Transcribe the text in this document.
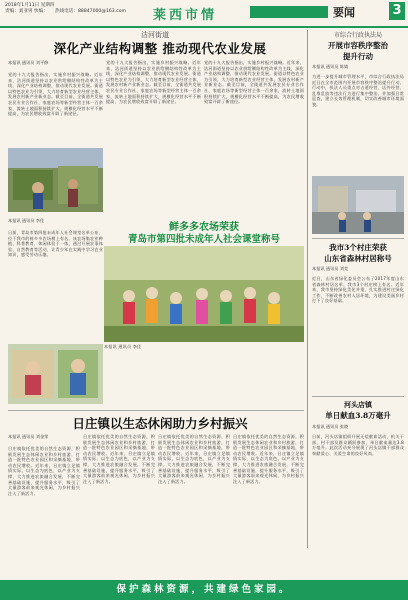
2018年1月11日 星期四
责编：刘亚男 快编： 热线电话：88847000@163.com	莱西市情	要闻	3
沽河街道
深化产业结构调整 推动现代农业发展
本报讯 通讯员 刘平修
党的十九大报告指出，实施乡村振兴战略。近年来，沽河街道坚持以农业供给侧结构性改革为主线，深化产业结构调整，推动现代农业发展。街道以特色农业为引领，大力培育新型农业经营主体，发展农村新产业新业态。截至目前，全街道共发展农民专业合作社、家庭农场等新型经营主体一百余家，流转土地面积持续扩大，规模化经营水平不断提高，为农民增收致富开辟了新途径。
党的十九大报告指出，实施乡村振兴战略。近年来，沽河街道坚持以农业供给侧结构性改革为主线，深化产业结构调整，推动现代农业发展。街道以特色农业为引领，大力培育新型农业经营主体，发展农村新产业新业态。截至目前，全街道共发展农民专业合作社、家庭农场等新型经营主体一百余家，流转土地面积持续扩大，规模化经营水平不断提高，为农民增收致富开辟了新途径。
党的十九大报告指出，实施乡村振兴战略。近年来，沽河街道坚持以农业供给侧结构性改革为主线，深化产业结构调整，推动现代农业发展。街道以特色农业为引领，大力培育新型农业经营主体，发展农村新产业新业态。截至目前，全街道共发展农民专业合作社、家庭农场等新型经营主体一百余家，流转土地面积持续扩大，规模化经营水平不断提高，为农民增收致富开辟了新途径。
鲜多多农场荣获
青岛市第四批未成年人社会课堂称号
本报讯 通讯员 李佳
日前，青岛市第四批未成年人社会课堂名单公布，位于我市的鲜多多农场榜上有名。该农场集农业种植、科普教育、休闲体验于一体，通过开展农事体验、自然教育等活动，让青少年在实践中学习农业知识，感受劳动乐趣。
本报讯 通讯员 李佳
日庄镇以生态休闲助力乡村振兴
本报讯 通讯员 刘金荣
日庄镇依托优美的自然生态资源，积极发展生态休闲农业和乡村旅游，打造一批特色农业园区和采摘基地，带动农民增收。近年来，日庄镇立足镇情实际，以生态为底色，以产业为支撑，大力推进农旅融合发展，不断完善基础设施，提升服务水平，吸引了大量游客前来观光休闲，为乡村振兴注入了新活力。
日庄镇依托优美的自然生态资源，积极发展生态休闲农业和乡村旅游，打造一批特色农业园区和采摘基地，带动农民增收。近年来，日庄镇立足镇情实际，以生态为底色，以产业为支撑，大力推进农旅融合发展，不断完善基础设施，提升服务水平，吸引了大量游客前来观光休闲，为乡村振兴注入了新活力。
日庄镇依托优美的自然生态资源，积极发展生态休闲农业和乡村旅游，打造一批特色农业园区和采摘基地，带动农民增收。近年来，日庄镇立足镇情实际，以生态为底色，以产业为支撑，大力推进农旅融合发展，不断完善基础设施，提升服务水平，吸引了大量游客前来观光休闲，为乡村振兴注入了新活力。
日庄镇依托优美的自然生态资源，积极发展生态休闲农业和乡村旅游，打造一批特色农业园区和采摘基地，带动农民增收。近年来，日庄镇立足镇情实际，以生态为底色，以产业为支撑，大力推进农旅融合发展，不断完善基础设施，提升服务水平，吸引了大量游客前来观光休闲，为乡村振兴注入了新活力。
市综合行政执法局
开展市容秩序整治
提升行动
本报讯 通讯员 陈婧
为进一步提升城市管理水平，市综合行政执法局近日在全市范围内开展市容秩序整治提升行动。行动中，执法人员重点对占道经营、店外经营、乱堆乱放等违法行为进行集中整治，并加强日常巡查，建立长效管理机制，切实改善城市环境面貌。
我市3个村庄荣获
山东省森林村居称号
本报讯 通讯员 刘竞
近日，山东省绿化委员会公布了2017年度山东省森林村居名单，我市3个村庄榜上有名。近年来，我市坚持绿化美化并重，扎实推进村庄绿化工作，不断改善农村人居环境，为建设美丽乡村打下了良好基础。
河头店镇
单日献血3.8万毫升
本报讯 通讯员 张晓
日前，河头店镇组织开展无偿献血活动，机关干部、村干部及群众踊跃参加，单日献血量达3.8万毫升。此次活动充分展现了河头店镇干部群众奉献爱心、关爱生命的良好风尚。
保护森林资源，共建绿色家园。
